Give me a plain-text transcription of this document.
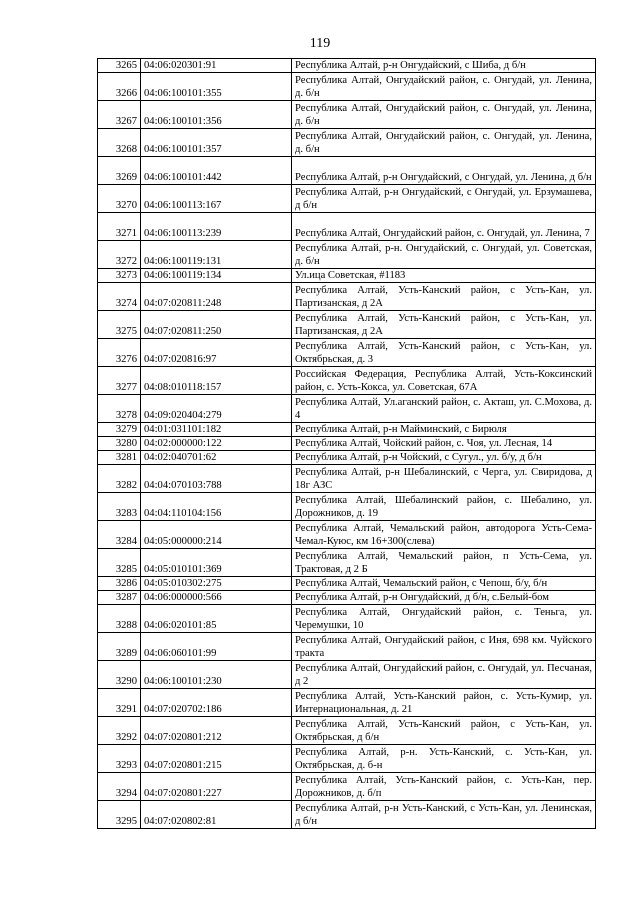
119
3265	04:06:020301:91	Республика Алтай, р-н Онгудайский, с Шиба, д б/н
3266	04:06:100101:355	Республика Алтай, Онгудайский район, с. Онгудай, ул. Ленина, д. б/н
3267	04:06:100101:356	Республика Алтай, Онгудайский район, с. Онгудай, ул. Ленина, д. б/н
3268	04:06:100101:357	Республика Алтай, Онгудайский район, с. Онгудай, ул. Ленина, д. б/н
3269	04:06:100101:442	Республика Алтай, р-н Онгудайский, с Онгудай, ул. Ленина, д б/н
3270	04:06:100113:167	Республика Алтай, р-н Онгудайский, с Онгудай, ул. Ерзумашева, д б/н
3271	04:06:100113:239	Республика Алтай, Онгудайский район, с. Онгудай, ул. Ленина, 7
3272	04:06:100119:131	Республика Алтай, р-н. Онгудайский, с. Онгудай, ул. Советская, д. б/н
3273	04:06:100119:134	Ул.ица Советская, #1183
3274	04:07:020811:248	Республика Алтай, Усть-Канский район, с Усть-Кан, ул. Партизанская, д 2А
3275	04:07:020811:250	Республика Алтай, Усть-Канский район, с Усть-Кан, ул. Партизанская, д 2А
3276	04:07:020816:97	Республика Алтай, Усть-Канский район, с Усть-Кан, ул. Октябрьская, д. 3
3277	04:08:010118:157	Российская Федерация, Республика Алтай, Усть-Коксинский район, с. Усть-Кокса, ул. Советская, 67А
3278	04:09:020404:279	Республика Алтай, Ул.аганский район, с. Акташ, ул. С.Мохова, д. 4
3279	04:01:031101:182	Республика Алтай, р-н Майминский, с Бирюля
3280	04:02:000000:122	Республика Алтай, Чойский район, с. Чоя, ул. Лесная, 14
3281	04:02:040701:62	Республика Алтай, р-н Чойский, с Сугул., ул. б/у, д б/н
3282	04:04:070103:788	Республика Алтай, р-н Шебалинский, с Черга, ул. Свиридова, д 18г АЗС
3283	04:04:110104:156	Республика Алтай, Шебалинский район, с. Шебалино, ул. Дорожников, д. 19
3284	04:05:000000:214	Республика Алтай, Чемальский район, автодорога Усть-Сема-Чемал-Куюс, км 16+300(слева)
3285	04:05:010101:369	Республика Алтай, Чемальский район, п Усть-Сема, ул. Трактовая, д 2 Б
3286	04:05:010302:275	Республика Алтай, Чемальский район, с Чепош, б/у, б/н
3287	04:06:000000:566	Республика Алтай, р-н Онгудайский, д б/н, с.Белый-бом
3288	04:06:020101:85	Республика Алтай, Онгудайский район, с. Теньга, ул. Черемушки, 10
3289	04:06:060101:99	Республика Алтай, Онгудайский район, с Иня, 698 км. Чуйского тракта
3290	04:06:100101:230	Республика Алтай, Онгудайский район, с. Онгудай, ул. Песчаная, д 2
3291	04:07:020702:186	Республика Алтай, Усть-Канский район, с. Усть-Кумир, ул. Интернациональная, д. 21
3292	04:07:020801:212	Республика Алтай, Усть-Канский район, с Усть-Кан, ул. Октябрьская, д б/н
3293	04:07:020801:215	Республика Алтай, р-н. Усть-Канский, с. Усть-Кан, ул. Октябрьская, д. б-н
3294	04:07:020801:227	Республика Алтай, Усть-Канский район, с. Усть-Кан, пер. Дорожников, д. б/п
3295	04:07:020802:81	Республика Алтай, р-н Усть-Канский, с Усть-Кан, ул. Ленинская, д б/н
